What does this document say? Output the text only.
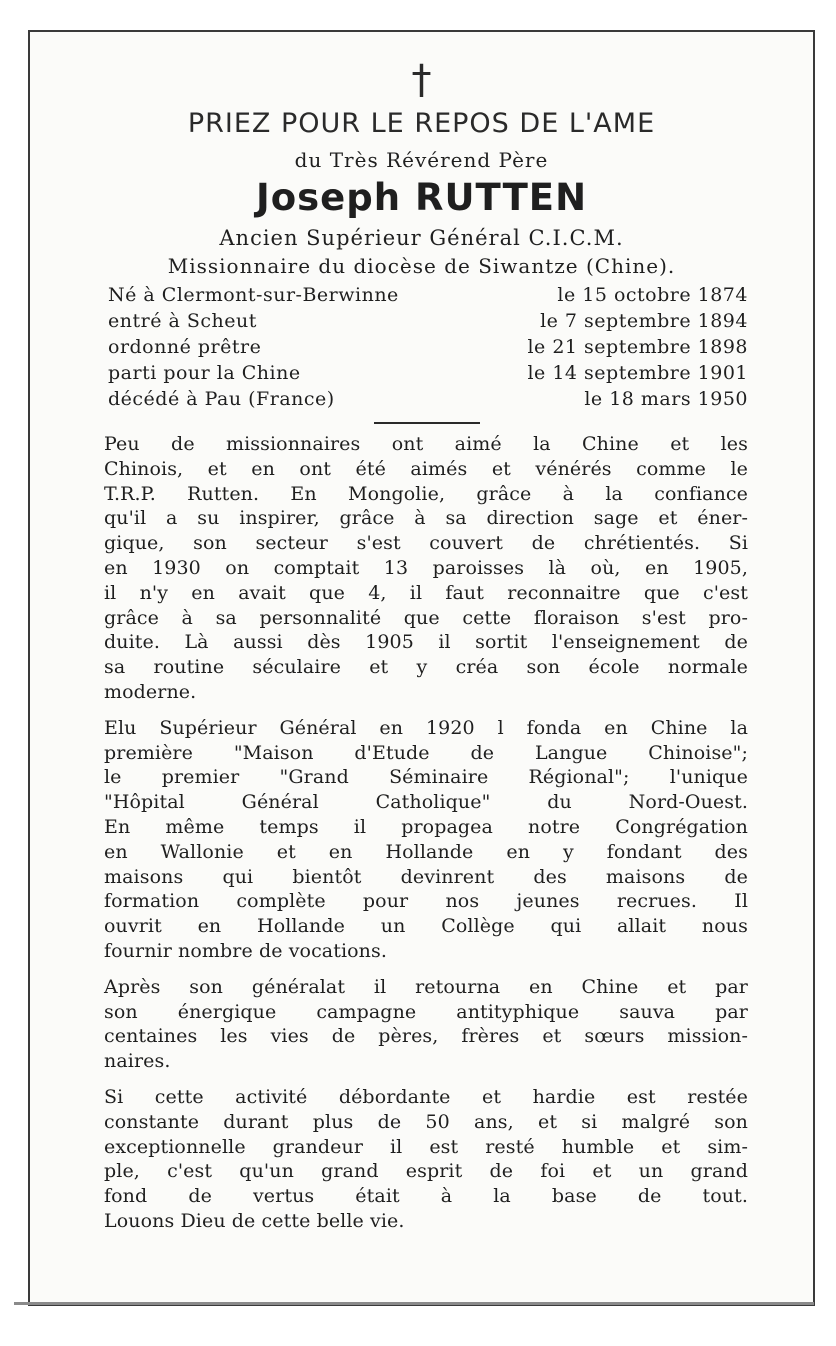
†
PRIEZ POUR LE REPOS DE L'AME
du Très Révérend Père
Joseph RUTTEN
Ancien Supérieur Général C.I.C.M.
Missionnaire du diocèse de Siwantze (Chine).
Né à Clermont-sur-Berwinne	le 15 octobre 1874
entré à Scheut	le 7 septembre 1894
ordonné prêtre	le 21 septembre 1898
parti pour la Chine	le 14 septembre 1901
décédé à Pau (France)	le 18 mars 1950

Peu de missionnaires ont aimé la Chine et les
Chinois, et en ont été aimés et vénérés comme le
T.R.P. Rutten. En Mongolie, grâce à la confiance
qu'il a su inspirer, grâce à sa direction sage et éner-
gique, son secteur s'est couvert de chrétientés. Si
en 1930 on comptait 13 paroisses là où, en 1905,
il n'y en avait que 4, il faut reconnaitre que c'est
grâce à sa personnalité que cette floraison s'est pro-
duite. Là aussi dès 1905 il sortit l'enseignement de
sa routine séculaire et y créa son école normale
moderne.

Elu Supérieur Général en 1920 l fonda en Chine la
première "Maison d'Etude de Langue Chinoise";
le premier "Grand Séminaire Régional"; l'unique
"Hôpital Général Catholique" du Nord-Ouest.
En même temps il propagea notre Congrégation
en Wallonie et en Hollande en y fondant des
maisons qui bientôt devinrent des maisons de
formation complète pour nos jeunes recrues. Il
ouvrit en Hollande un Collège qui allait nous
fournir nombre de vocations.

Après son généralat il retourna en Chine et par
son énergique campagne antityphique sauva par
centaines les vies de pères, frères et sœurs mission-
naires.

Si cette activité débordante et hardie est restée
constante durant plus de 50 ans, et si malgré son
exceptionnelle grandeur il est resté humble et sim-
ple, c'est qu'un grand esprit de foi et un grand
fond de vertus était à la base de tout.
Louons Dieu de cette belle vie.
